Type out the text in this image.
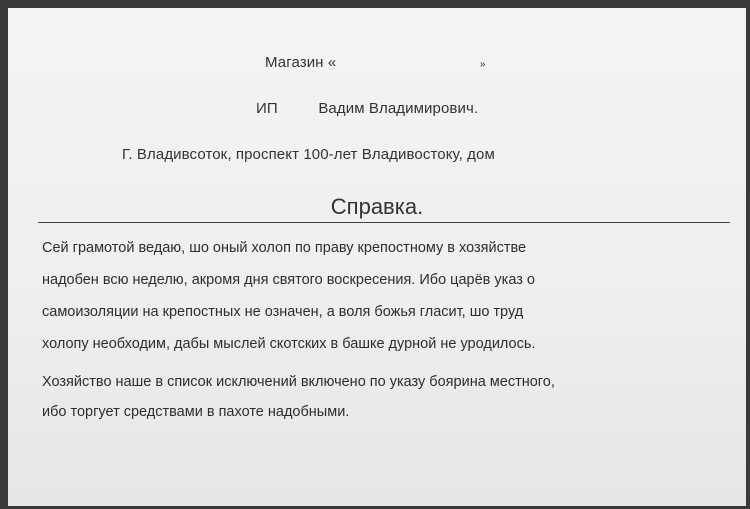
Магазин «	»
ИП	Вадим Владимирович.
Г. Владивсоток, проспект 100-лет Владивостоку, дом
Справка.
Сей грамотой ведаю, шо оный холоп по праву крепостному в хозяйстве
надобен всю неделю, акромя дня святого воскресения. Ибо царёв указ о
самоизоляции на крепостных не означен, а воля божья гласит, шо труд
холопу необходим, дабы мыслей скотских в башке дурной не уродилось.
Хозяйство наше в список исключений включено по указу боярина местного,
ибо торгует средствами в пахоте надобными.
